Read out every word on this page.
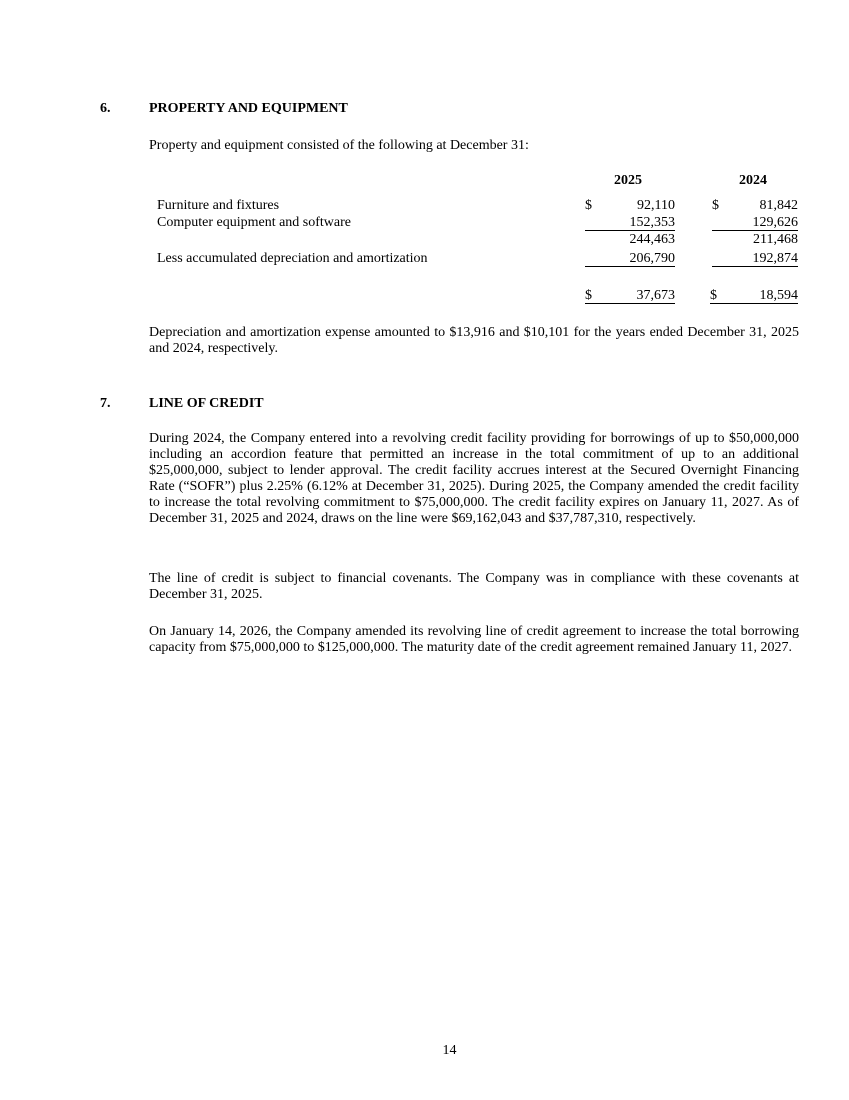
6.	PROPERTY AND EQUIPMENT
Property and equipment consisted of the following at December 31:
2025	2024
Furniture and fixtures	$	92,110	$	81,842
Computer equipment and software	152,353	129,626
244,463	211,468
Less accumulated depreciation and amortization	206,790	192,874
$	37,673	$	18,594
Depreciation and amortization expense amounted to $13,916 and $10,101 for the years ended December 31, 2025 and 2024, respectively.
7.	LINE OF CREDIT
During 2024, the Company entered into a revolving credit facility providing for borrowings of up to $50,000,000 including an accordion feature that permitted an increase in the total commitment of up to an additional $25,000,000, subject to lender approval. The credit facility accrues interest at the Secured Overnight Financing Rate (“SOFR”) plus 2.25% (6.12% at December 31, 2025). During 2025, the Company amended the credit facility to increase the total revolving commitment to $75,000,000. The credit facility expires on January 11, 2027. As of December 31, 2025 and 2024, draws on the line were $69,162,043 and $37,787,310, respectively.
The line of credit is subject to financial covenants. The Company was in compliance with these covenants at December 31, 2025.
On January 14, 2026, the Company amended its revolving line of credit agreement to increase the total borrowing capacity from $75,000,000 to $125,000,000. The maturity date of the credit agreement remained January 11, 2027.
14
